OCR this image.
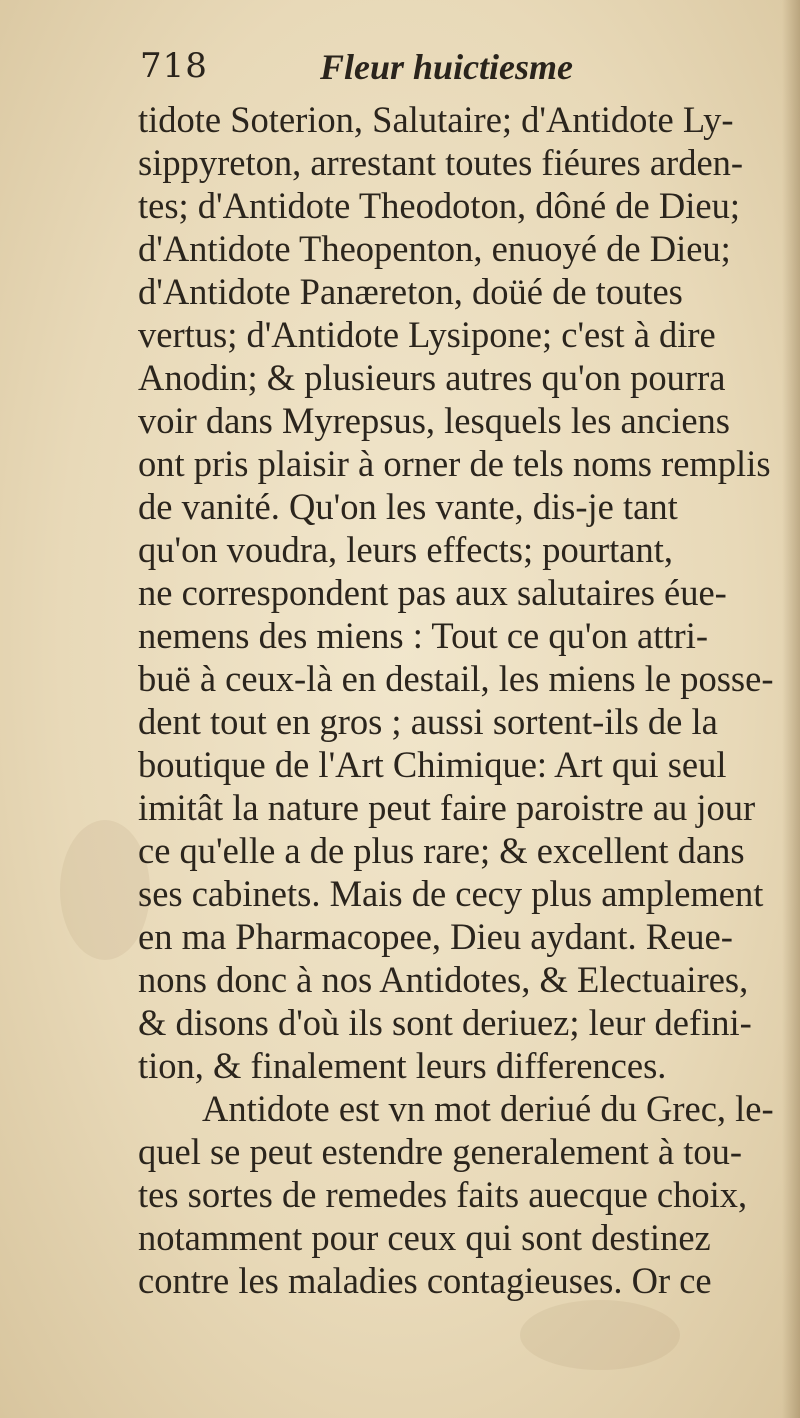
718	Fleur huictiesme
tidote Soterion, Salutaire; d'Antidote Ly-
sippyreton, arrestant toutes fiéures arden-
tes; d'Antidote Theodoton, dôné de Dieu;
d'Antidote Theopenton, enuoyé de Dieu;
d'Antidote Panæreton, doüé de toutes
vertus; d'Antidote Lysipone; c'est à dire
Anodin; & plusieurs autres qu'on pourra
voir dans Myrepsus, lesquels les anciens
ont pris plaisir à orner de tels noms remplis
de vanité. Qu'on les vante, dis-je tant
qu'on voudra, leurs effects; pourtant,
ne correspondent pas aux salutaires éue-
nemens des miens : Tout ce qu'on attri-
buë à ceux-là en destail, les miens le posse-
dent tout en gros ; aussi sortent-ils de la
boutique de l'Art Chimique: Art qui seul
imitât la nature peut faire paroistre au jour
ce qu'elle a de plus rare; & excellent dans
ses cabinets. Mais de cecy plus amplement
en ma Pharmacopee, Dieu aydant. Reue-
nons donc à nos Antidotes, & Electuaires,
& disons d'où ils sont deriuez; leur defini-
tion, & finalement leurs differences.
Antidote est vn mot deriué du Grec, le-
quel se peut estendre generalement à tou-
tes sortes de remedes faits auecque choix,
notamment pour ceux qui sont destinez
contre les maladies contagieuses. Or ce
